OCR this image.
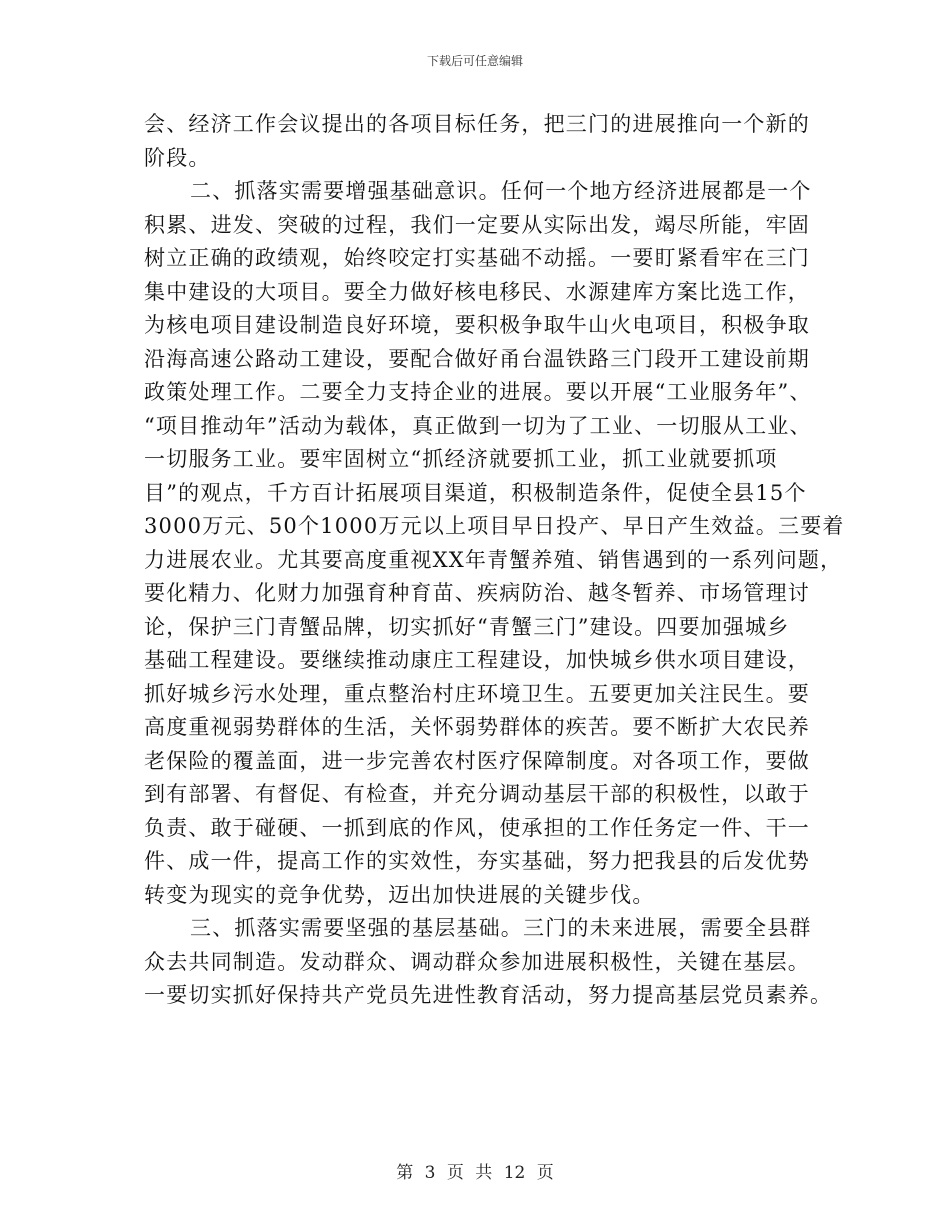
下载后可任意编辑
会、经济工作会议提出的各项目标任务，把三门的进展推向一个新的
阶段。
二、抓落实需要增强基础意识。任何一个地方经济进展都是一个
积累、进发、突破的过程，我们一定要从实际出发，竭尽所能，牢固
树立正确的政绩观，始终咬定打实基础不动摇。一要盯紧看牢在三门
集中建设的大项目。要全力做好核电移民、水源建库方案比选工作，
为核电项目建设制造良好环境，要积极争取牛山火电项目，积极争取
沿海高速公路动工建设，要配合做好甬台温铁路三门段开工建设前期
政策处理工作。二要全力支持企业的进展。要以开展“工业服务年”、
“项目推动年”活动为载体，真正做到一切为了工业、一切服从工业、
一切服务工业。要牢固树立“抓经济就要抓工业，抓工业就要抓项
目”的观点，千方百计拓展项目渠道，积极制造条件，促使全县15个
3000万元、50个1000万元以上项目早日投产、早日产生效益。三要着
力进展农业。尤其要高度重视XX年青蟹养殖、销售遇到的一系列问题，
要化精力、化财力加强育种育苗、疾病防治、越冬暂养、市场管理讨
论，保护三门青蟹品牌，切实抓好“青蟹三门”建设。四要加强城乡
基础工程建设。要继续推动康庄工程建设，加快城乡供水项目建设，
抓好城乡污水处理，重点整治村庄环境卫生。五要更加关注民生。要
高度重视弱势群体的生活，关怀弱势群体的疾苦。要不断扩大农民养
老保险的覆盖面，进一步完善农村医疗保障制度。对各项工作，要做
到有部署、有督促、有检查，并充分调动基层干部的积极性，以敢于
负责、敢于碰硬、一抓到底的作风，使承担的工作任务定一件、干一
件、成一件，提高工作的实效性，夯实基础，努力把我县的后发优势
转变为现实的竞争优势，迈出加快进展的关键步伐。
三、抓落实需要坚强的基层基础。三门的未来进展，需要全县群
众去共同制造。发动群众、调动群众参加进展积极性，关键在基层。
一要切实抓好保持共产党员先进性教育活动，努力提高基层党员素养。
第 3 页 共 12 页
